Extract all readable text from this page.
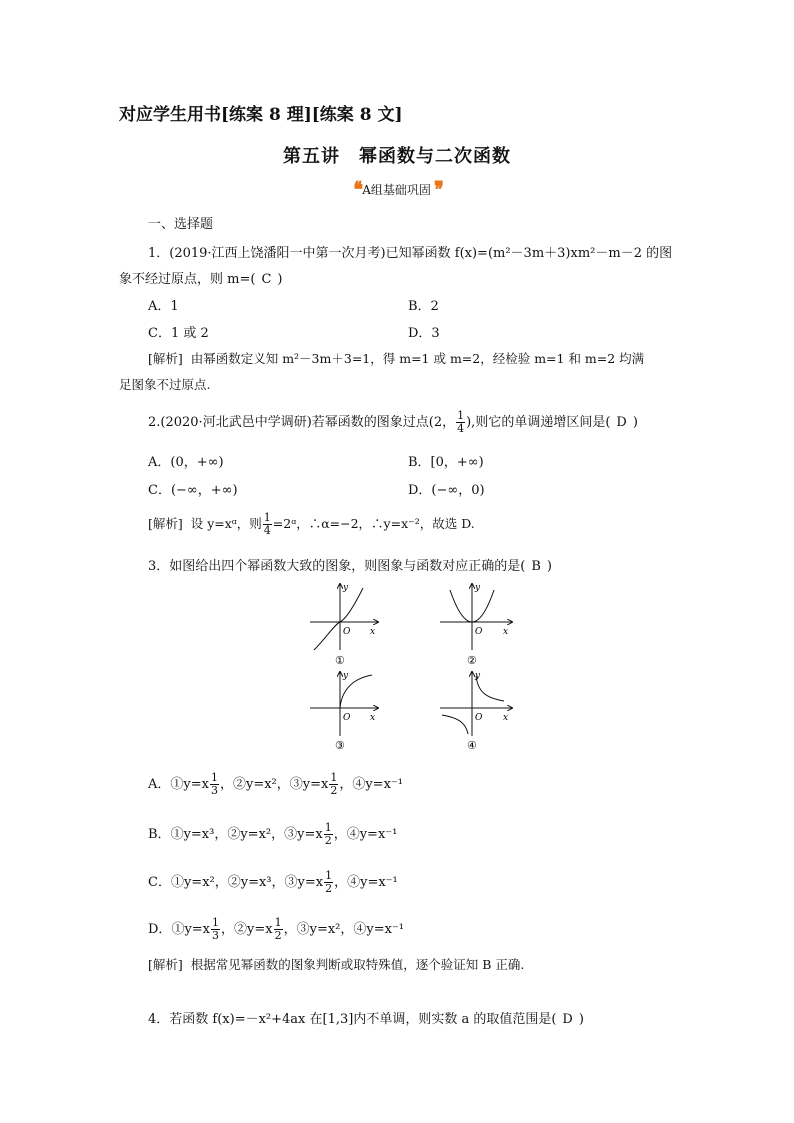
对应学生用书[练案 8 理][练案 8 文]
第五讲　幂函数与二次函数
❛❛ A组基础巩固 ❜❜
一、选择题
1．(2019·江西上饶潘阳一中第一次月考)已知幂函数 f(x)=(m²－3m＋3)xm²－m－2 的图
象不经过原点，则 m=( C )
A．1	B．2
C．1 或 2	D．3
[解析] 由幂函数定义知 m²－3m＋3=1，得 m=1 或 m=2，经检验 m=1 和 m=2 均满
足图象不过原点.
2.(2020·河北武邑中学调研)若幂函数的图象过点(2， $\frac{1}{4}$ ),则它的单调递增区间是( D )
A．(0，+∞)	B．[0，+∞)
C．(−∞，+∞)	D．(−∞，0)
[解析] 设 y=xᵅ，则 $\frac{1}{4}$ =2ᵅ，∴α=−2，∴y=x⁻²，故选 D.
3．如图给出四个幂函数大致的图象，则图象与函数对应正确的是( B )
x
y
O
①
x
y
O
②
x
y
O
③
x
y
O
④
A．①y=x $\frac{1}{3}$ ，②y=x²，③y=x $\frac{1}{2}$ ，④y=x⁻¹
B．①y=x³，②y=x²，③y=x $\frac{1}{2}$ ，④y=x⁻¹
C．①y=x²，②y=x³，③y=x $\frac{1}{2}$ ，④y=x⁻¹
D．①y=x $\frac{1}{3}$ ，②y=x $\frac{1}{2}$ ，③y=x²，④y=x⁻¹
[解析] 根据常见幂函数的图象判断或取特殊值，逐个验证知 B 正确.
4．若函数 f(x)=－x²+4ax 在[1,3]内不单调，则实数 a 的取值范围是( D )
